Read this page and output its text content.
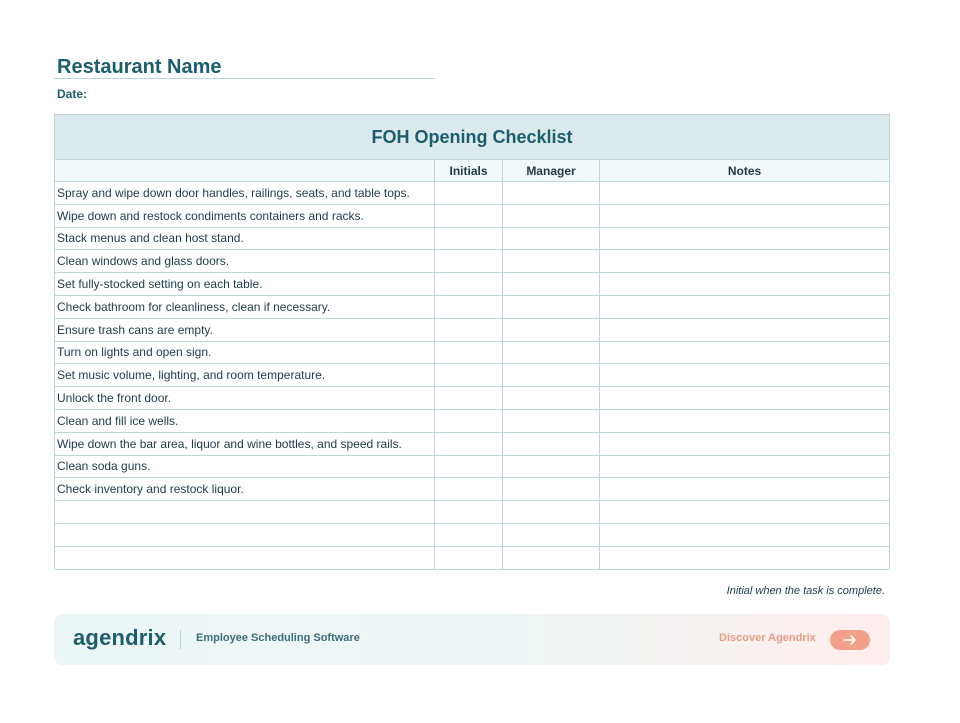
Restaurant Name
Date:
FOH Opening Checklist			
	Initials	Manager	Notes
Spray and wipe down door handles, railings, seats, and table tops.			
Wipe down and restock condiments containers and racks.			
Stack menus and clean host stand.			
Clean windows and glass doors.			
Set fully-stocked setting on each table.			
Check bathroom for cleanliness, clean if necessary.			
Ensure trash cans are empty.			
Turn on lights and open sign.			
Set music volume, lighting, and room temperature.			
Unlock the front door.			
Clean and fill ice wells.			
Wipe down the bar area, liquor and wine bottles, and speed rails.			
Clean soda guns.			
Check inventory and restock liquor.			

Initial when the task is complete.
agendrix	Employee Scheduling Software	Discover Agendrix
